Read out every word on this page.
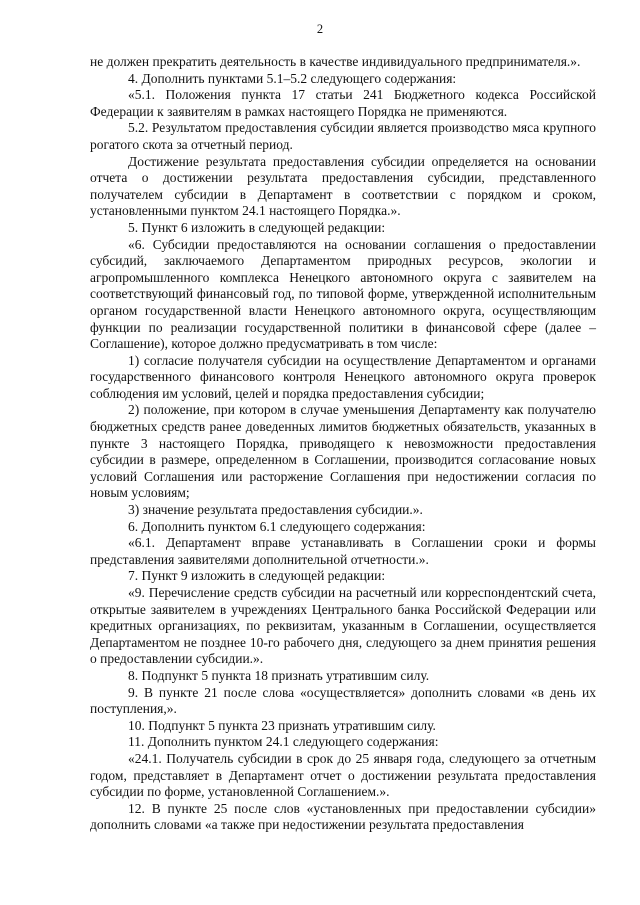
2

не должен прекратить деятельность в качестве индивидуального предпринимателя.».

4. Дополнить пунктами 5.1–5.2 следующего содержания:

«5.1. Положения пункта 17 статьи 241 Бюджетного кодекса Российской Федерации к заявителям в рамках настоящего Порядка не применяются.

5.2. Результатом предоставления субсидии является производство мяса крупного рогатого скота за отчетный период.

Достижение результата предоставления субсидии определяется на основании отчета о достижении результата предоставления субсидии, представленного получателем субсидии в Департамент в соответствии с порядком и сроком, установленными пунктом 24.1 настоящего Порядка.».

5. Пункт 6 изложить в следующей редакции:

«6. Субсидии предоставляются на основании соглашения о предоставлении субсидий, заключаемого Департаментом природных ресурсов, экологии и агропромышленного комплекса Ненецкого автономного округа с заявителем на соответствующий финансовый год, по типовой форме, утвержденной исполнительным органом государственной власти Ненецкого автономного округа, осуществляющим функции по реализации государственной политики в финансовой сфере (далее – Соглашение), которое должно предусматривать в том числе:

1) согласие получателя субсидии на осуществление Департаментом и органами государственного финансового контроля Ненецкого автономного округа проверок соблюдения им условий, целей и порядка предоставления субсидии;

2) положение, при котором в случае уменьшения Департаменту как получателю бюджетных средств ранее доведенных лимитов бюджетных обязательств, указанных в пункте 3 настоящего Порядка, приводящего к невозможности предоставления субсидии в размере, определенном в Соглашении, производится согласование новых условий Соглашения или расторжение Соглашения при недостижении согласия по новым условиям;

3) значение результата предоставления субсидии.».

6. Дополнить пунктом 6.1 следующего содержания:

«6.1. Департамент вправе устанавливать в Соглашении сроки и формы представления заявителями дополнительной отчетности.».

7. Пункт 9 изложить в следующей редакции:

«9. Перечисление средств субсидии на расчетный или корреспондентский счета, открытые заявителем в учреждениях Центрального банка Российской Федерации или кредитных организациях, по реквизитам, указанным в Соглашении, осуществляется Департаментом не позднее 10-го рабочего дня, следующего за днем принятия решения о предоставлении субсидии.».

8. Подпункт 5 пункта 18 признать утратившим силу.

9. В пункте 21 после слова «осуществляется» дополнить словами «в день их поступления,».

10. Подпункт 5 пункта 23 признать утратившим силу.

11. Дополнить пунктом 24.1 следующего содержания:

«24.1. Получатель субсидии в срок до 25 января года, следующего за отчетным годом, представляет в Департамент отчет о достижении результата предоставления субсидии по форме, установленной Соглашением.».

12. В пункте 25 после слов «установленных при предоставлении субсидии» дополнить словами «а также при недостижении результата предоставления
